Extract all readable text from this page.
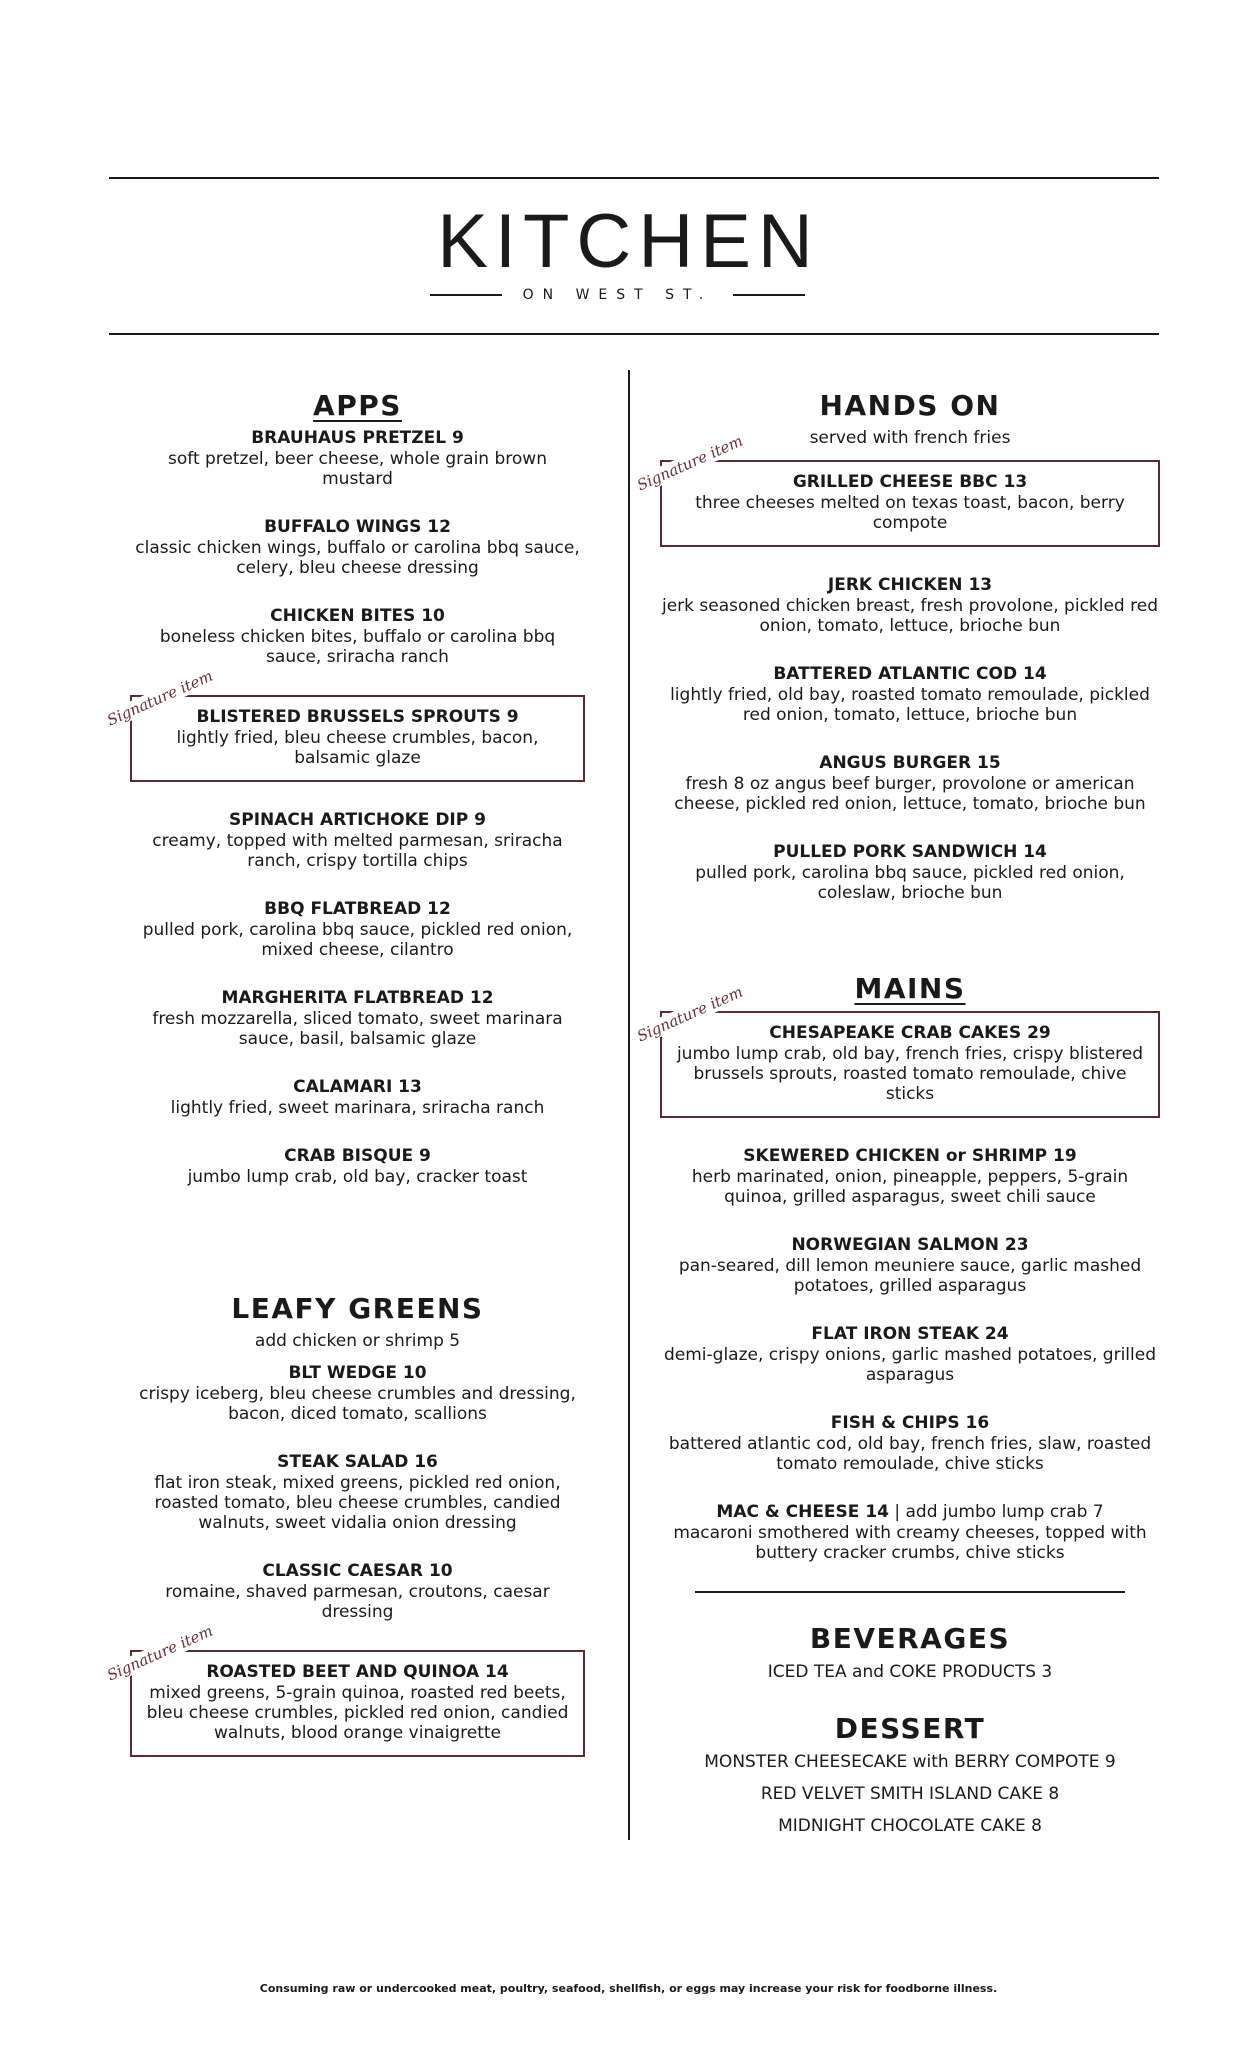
KITCHEN
ON WEST ST.
APPS

BRAUHAUS PRETZEL 9

soft pretzel, beer cheese, whole grain brown mustard

BUFFALO WINGS 12

classic chicken wings, buffalo or carolina bbq sauce, celery, bleu cheese dressing

CHICKEN BITES 10

boneless chicken bites, buffalo or carolina bbq sauce, sriracha ranch

Signature item

BLISTERED BRUSSELS SPROUTS 9

lightly fried, bleu cheese crumbles, bacon, balsamic glaze

SPINACH ARTICHOKE DIP 9

creamy, topped with melted parmesan, sriracha ranch, crispy tortilla chips

BBQ FLATBREAD 12

pulled pork, carolina bbq sauce, pickled red onion, mixed cheese, cilantro

MARGHERITA FLATBREAD 12

fresh mozzarella, sliced tomato, sweet marinara sauce, basil, balsamic glaze

CALAMARI 13

lightly fried, sweet marinara, sriracha ranch

CRAB BISQUE 9

jumbo lump crab, old bay, cracker toast

LEAFY GREENS

add chicken or shrimp 5

BLT WEDGE 10

crispy iceberg, bleu cheese crumbles and dressing, bacon, diced tomato, scallions

STEAK SALAD 16

flat iron steak, mixed greens, pickled red onion, roasted tomato, bleu cheese crumbles, candied walnuts, sweet vidalia onion dressing

CLASSIC CAESAR 10

romaine, shaved parmesan, croutons, caesar dressing

Signature item

ROASTED BEET AND QUINOA 14

mixed greens, 5-grain quinoa, roasted red beets, bleu cheese crumbles, pickled red onion, candied walnuts, blood orange vinaigrette

HANDS ON

served with french fries

Signature item	GRILLED CHEESE BBC 13

three cheeses melted on texas toast, bacon, berry compote

JERK CHICKEN 13

jerk seasoned chicken breast, fresh provolone, pickled red onion, tomato, lettuce, brioche bun

BATTERED ATLANTIC COD 14

lightly fried, old bay, roasted tomato remoulade, pickled red onion, tomato, lettuce, brioche bun

ANGUS BURGER 15

fresh 8 oz angus beef burger, provolone or american cheese, pickled red onion, lettuce, tomato, brioche bun

PULLED PORK SANDWICH 14

pulled pork, carolina bbq sauce, pickled red onion, coleslaw, brioche bun

MAINS
Signature item	CHESAPEAKE CRAB CAKES 29

jumbo lump crab, old bay, french fries, crispy blistered brussels sprouts, roasted tomato remoulade, chive sticks

SKEWERED CHICKEN or SHRIMP 19

herb marinated, onion, pineapple, peppers, 5-grain quinoa, grilled asparagus, sweet chili sauce

NORWEGIAN SALMON 23

pan-seared, dill lemon meuniere sauce, garlic mashed potatoes, grilled asparagus

FLAT IRON STEAK 24

demi-glaze, crispy onions, garlic mashed potatoes, grilled asparagus

FISH & CHIPS 16

battered atlantic cod, old bay, french fries, slaw, roasted tomato remoulade, chive sticks

MAC & CHEESE 14 | add jumbo lump crab 7

macaroni smothered with creamy cheeses, topped with buttery cracker crumbs, chive sticks

BEVERAGES

ICED TEA and COKE PRODUCTS 3

DESSERT

MONSTER CHEESECAKE with BERRY COMPOTE 9

RED VELVET SMITH ISLAND CAKE 8

MIDNIGHT CHOCOLATE CAKE 8

Consuming raw or undercooked meat, poultry, seafood, shellfish, or eggs may increase your risk for foodborne illness.
